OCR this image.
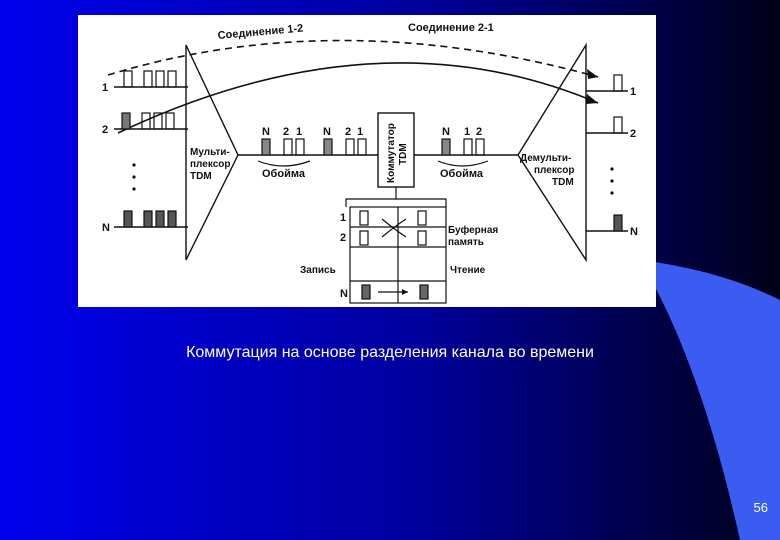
Соединение 1-2	Соединение 2-1
1
2
N
Мульти-
плексор
TDM
N 2 1 N 2 1
Обойма	Коммутатор TDM
N 1 2
Обойма
Демульти-
плексор
TDM
1
2
N
1
2
N
Буферная
память
Запись	Чтение
Коммутация на основе разделения канала во времени
56
